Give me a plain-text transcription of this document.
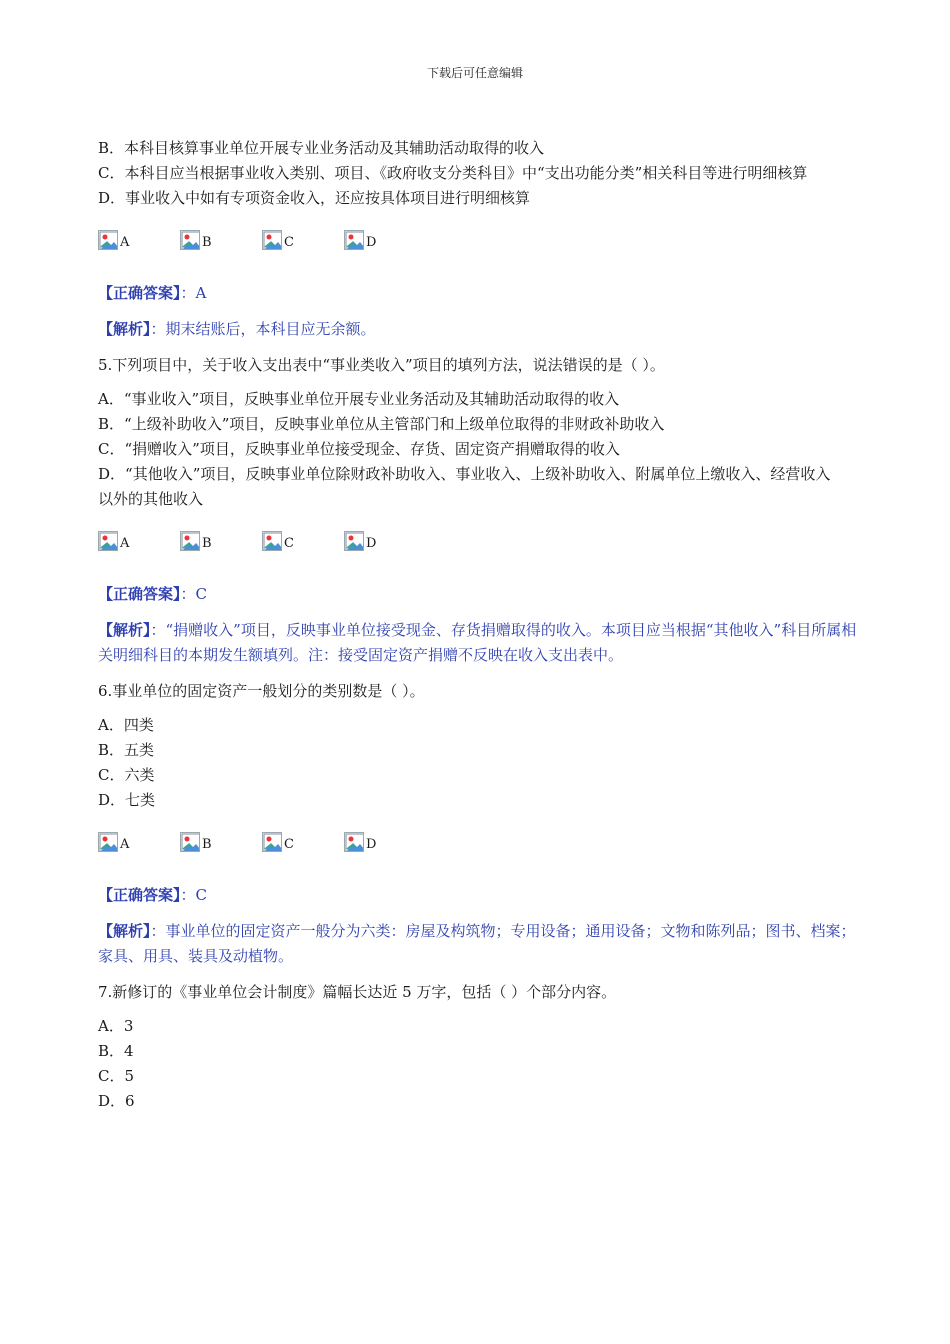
下载后可任意编辑
B．本科目核算事业单位开展专业业务活动及其辅助活动取得的收入
C．本科目应当根据事业收入类别、项目、《政府收支分类科目》中“支出功能分类”相关科目等进行明细核算
D．事业收入中如有专项资金收入，还应按具体项目进行明细核算
A	B	C	D
【正确答案】：A
【解析】：期末结账后，本科目应无余额。
5.下列项目中，关于收入支出表中“事业类收入”项目的填列方法，说法错误的是（ ）。
A．“事业收入”项目，反映事业单位开展专业业务活动及其辅助活动取得的收入
B．“上级补助收入”项目，反映事业单位从主管部门和上级单位取得的非财政补助收入
C．“捐赠收入”项目，反映事业单位接受现金、存货、固定资产捐赠取得的收入
D．“其他收入”项目，反映事业单位除财政补助收入、事业收入、上级补助收入、附属单位上缴收入、经营收入以外的其他收入
A	B	C	D
【正确答案】：C
【解析】：“捐赠收入”项目，反映事业单位接受现金、存货捐赠取得的收入。本项目应当根据“其他收入”科目所属相关明细科目的本期发生额填列。注：接受固定资产捐赠不反映在收入支出表中。
6.事业单位的固定资产一般划分的类别数是（ ）。
A．四类
B．五类
C．六类
D．七类
A	B	C	D
【正确答案】：C
【解析】：事业单位的固定资产一般分为六类：房屋及构筑物；专用设备；通用设备；文物和陈列品；图书、档案；家具、用具、装具及动植物。
7.新修订的《事业单位会计制度》篇幅长达近 5 万字，包括（ ）个部分内容。
A．3
B．4
C．5
D．6
